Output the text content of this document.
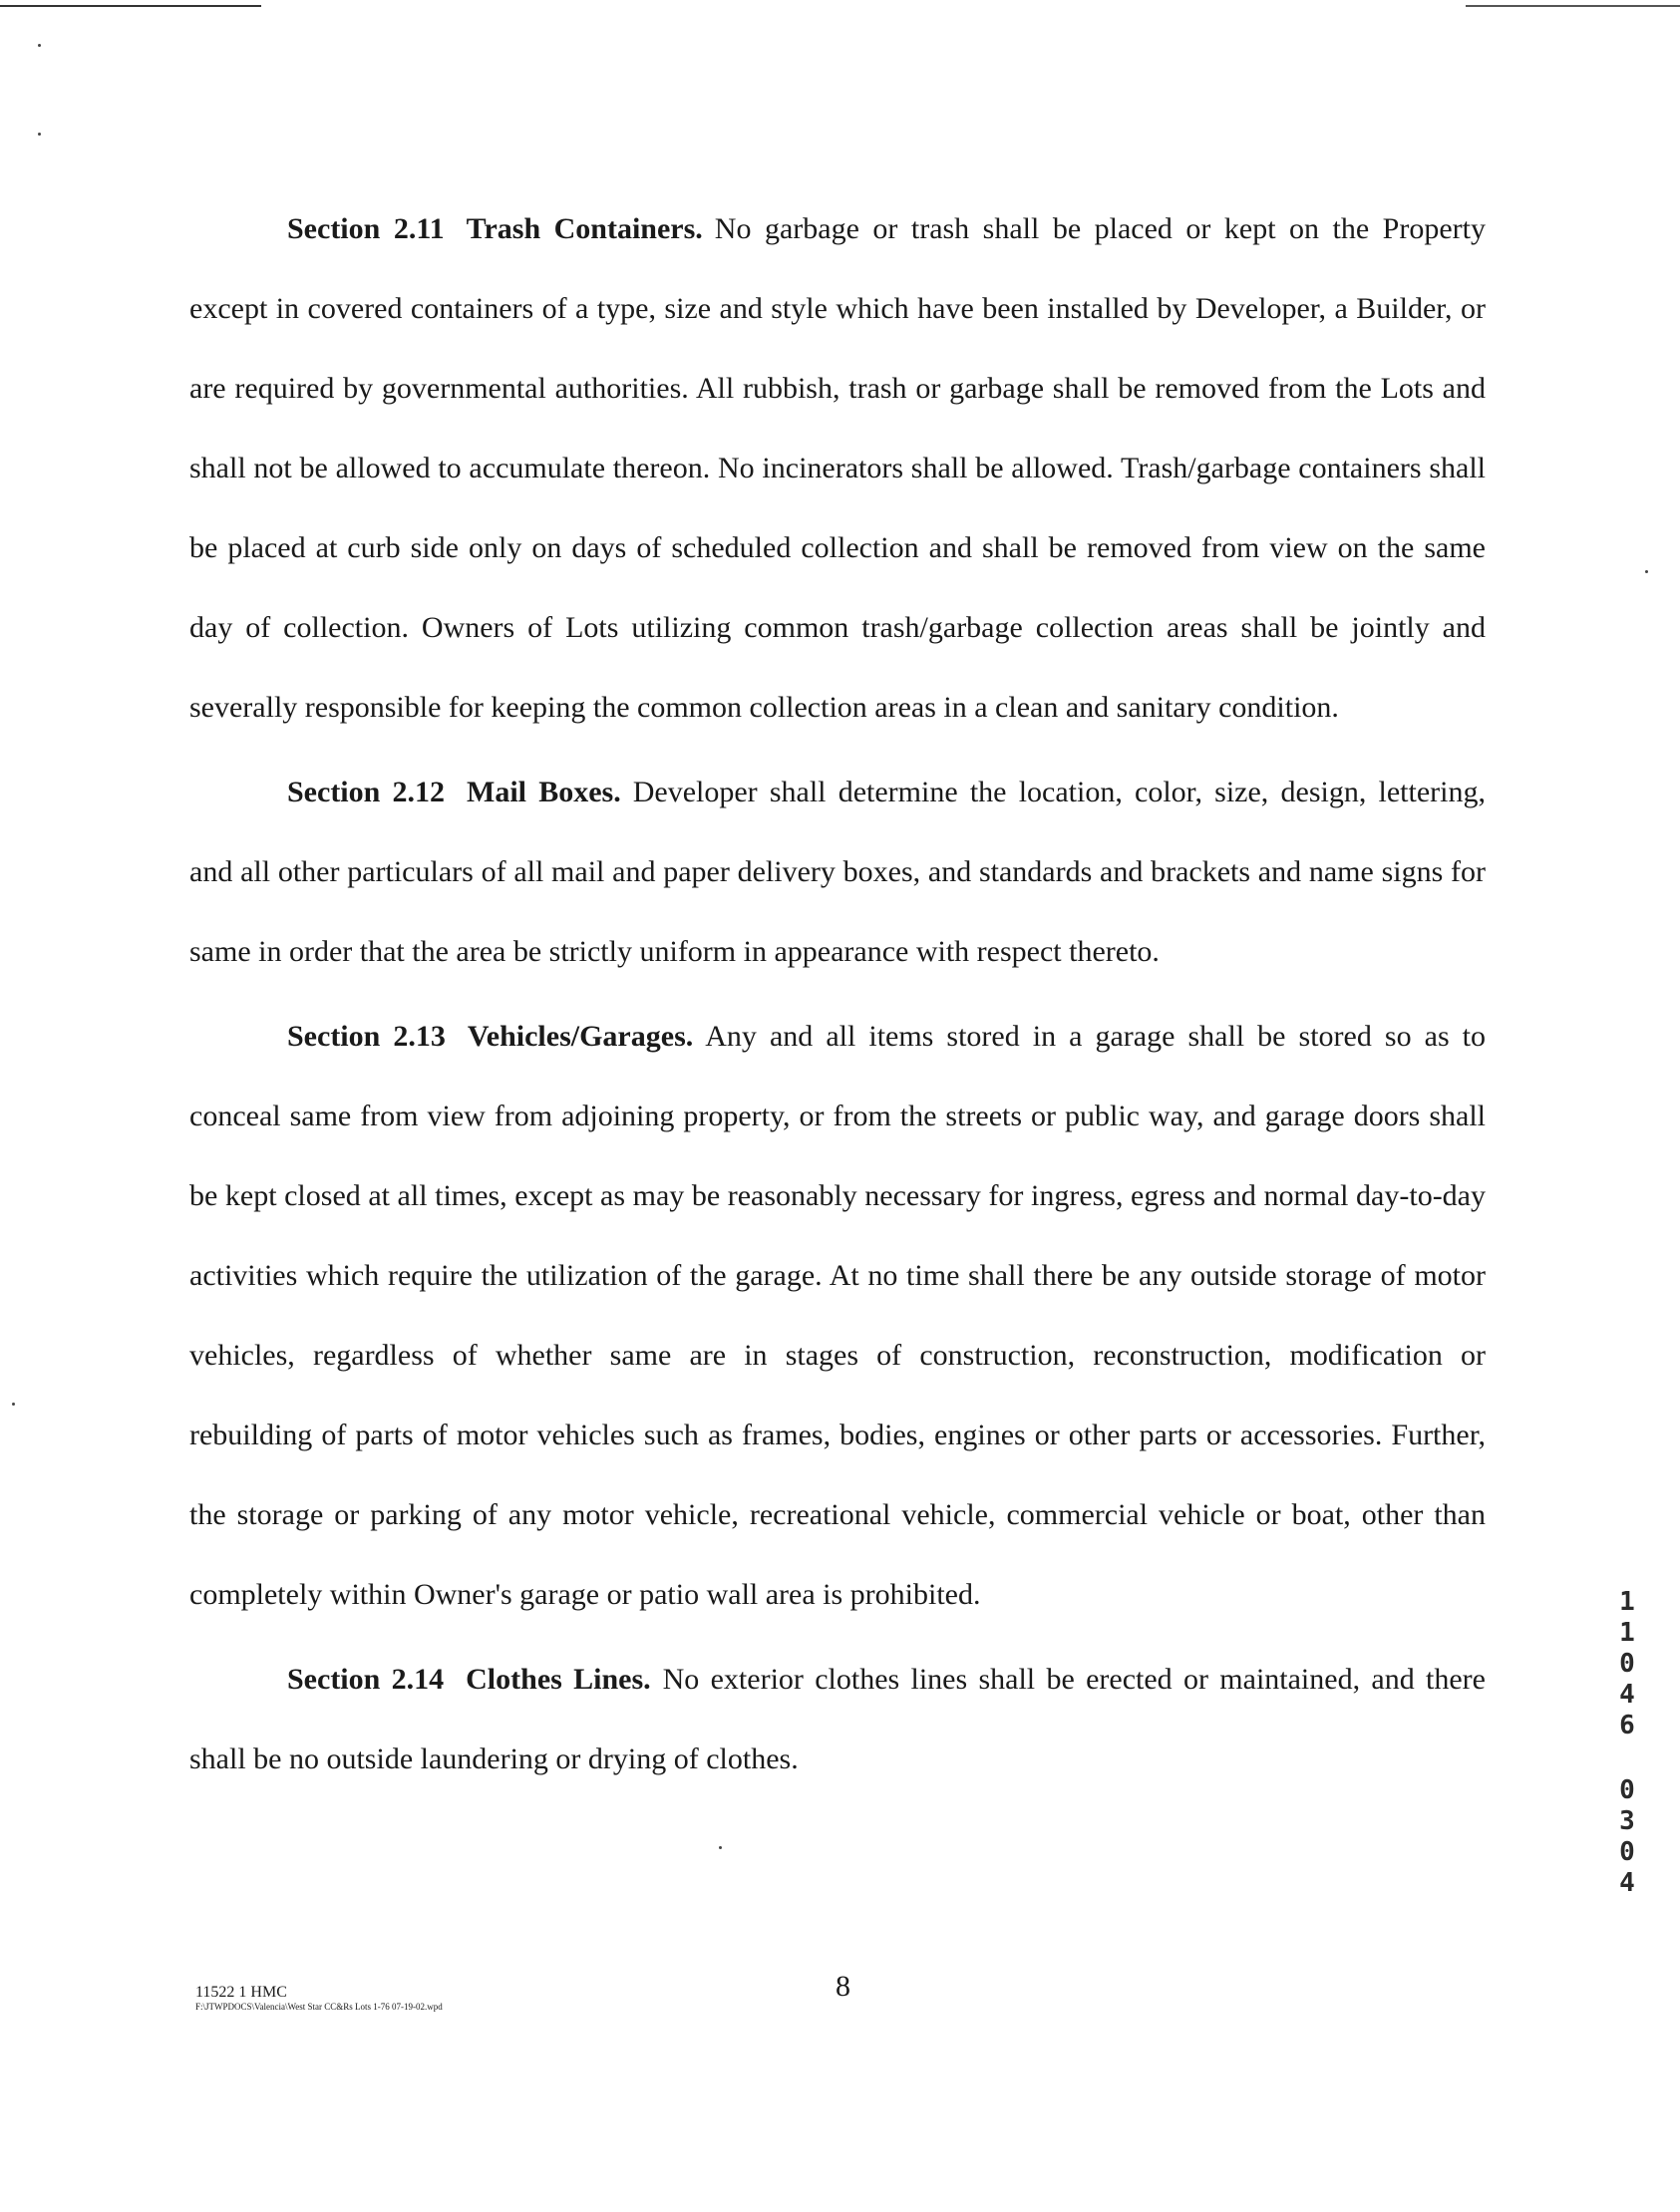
Section 2.11 Trash Containers. No garbage or trash shall be placed or kept on the Property except in covered containers of a type, size and style which have been installed by Developer, a Builder, or are required by governmental authorities. All rubbish, trash or garbage shall be removed from the Lots and shall not be allowed to accumulate thereon. No incinerators shall be allowed. Trash/garbage containers shall be placed at curb side only on days of scheduled collection and shall be removed from view on the same day of collection. Owners of Lots utilizing common trash/garbage collection areas shall be jointly and severally responsible for keeping the common collection areas in a clean and sanitary condition.

Section 2.12 Mail Boxes. Developer shall determine the location, color, size, design, lettering, and all other particulars of all mail and paper delivery boxes, and standards and brackets and name signs for same in order that the area be strictly uniform in appearance with respect thereto.

Section 2.13 Vehicles/Garages. Any and all items stored in a garage shall be stored so as to conceal same from view from adjoining property, or from the streets or public way, and garage doors shall be kept closed at all times, except as may be reasonably necessary for ingress, egress and normal day-to-day activities which require the utilization of the garage. At no time shall there be any outside storage of motor vehicles, regardless of whether same are in stages of construction, reconstruction, modification or rebuilding of parts of motor vehicles such as frames, bodies, engines or other parts or accessories. Further, the storage or parking of any motor vehicle, recreational vehicle, commercial vehicle or boat, other than completely within Owner's garage or patio wall area is prohibited.

Section 2.14 Clothes Lines. No exterior clothes lines shall be erected or maintained, and there shall be no outside laundering or drying of clothes.

11522 1 HMC
F:\JTWPDOCS\Valencia\West Star CC&Rs Lots 1-76 07-19-02.wpd
8
1
1
0
4
6
0
3
0
4
